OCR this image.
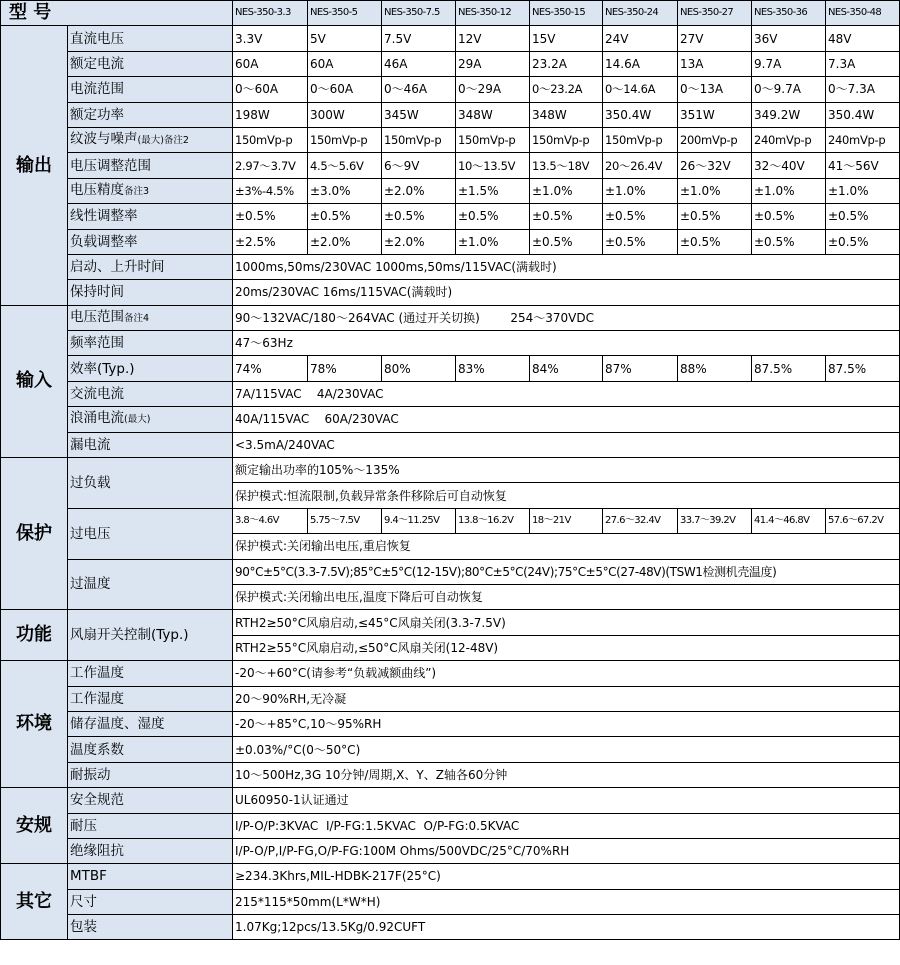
型 号		NES-350-3.3	NES-350-5	NES-350-7.5	NES-350-12	NES-350-15	NES-350-24	NES-350-27	NES-350-36	NES-350-48
输出	直流电压	3.3V	5V	7.5V	12V	15V	24V	27V	36V	48V
	额定电流	60A	60A	46A	29A	23.2A	14.6A	13A	9.7A	7.3A
	电流范围	0～60A	0～60A	0～46A	0～29A	0～23.2A	0～14.6A	0～13A	0～9.7A	0～7.3A
	额定功率	198W	300W	345W	348W	348W	350.4W	351W	349.2W	350.4W
	纹波与噪声(最大)备注2	150mVp-p	150mVp-p	150mVp-p	150mVp-p	150mVp-p	150mVp-p	200mVp-p	240mVp-p	240mVp-p
	电压调整范围	2.97～3.7V	4.5～5.6V	6～9V	10～13.5V	13.5～18V	20～26.4V	26～32V	32～40V	41～56V
	电压精度备注3	±3%-4.5%	±3.0%	±2.0%	±1.5%	±1.0%	±1.0%	±1.0%	±1.0%	±1.0%
	线性调整率	±0.5%	±0.5%	±0.5%	±0.5%	±0.5%	±0.5%	±0.5%	±0.5%	±0.5%
	负载调整率	±2.5%	±2.0%	±2.0%	±1.0%	±0.5%	±0.5%	±0.5%	±0.5%	±0.5%
	启动、上升时间	1000ms,50ms/230VAC 1000ms,50ms/115VAC(满载时)								
	保持时间	20ms/230VAC 16ms/115VAC(满载时)								
输入	电压范围备注4	90～132VAC/180～264VAC (通过开关切换)        254～370VDC								
	频率范围	47～63Hz								
	效率(Typ.)	74%	78%	80%	83%	84%	87%	88%	87.5%	87.5%
	交流电流	7A/115VAC    4A/230VAC								
	浪涌电流(最大)	40A/115VAC    60A/230VAC								
	漏电流	<3.5mA/240VAC								
保护	过负载	额定输出功率的105%～135%								
		保护模式:恒流限制,负载异常条件移除后可自动恢复								
	过电压	3.8～4.6V	5.75～7.5V	9.4～11.25V	13.8～16.2V	18～21V	27.6～32.4V	33.7～39.2V	41.4～46.8V	57.6～67.2V
		保护模式:关闭输出电压,重启恢复								
	过温度	90°C±5°C(3.3-7.5V);85°C±5°C(12-15V);80°C±5°C(24V);75°C±5°C(27-48V)(TSW1检测机壳温度)								
		保护模式:关闭输出电压,温度下降后可自动恢复								
功能	风扇开关控制(Typ.)	RTH2≥50°C风扇启动,≤45°C风扇关闭(3.3-7.5V)								
		RTH2≥55°C风扇启动,≤50°C风扇关闭(12-48V)								
环境	工作温度	-20～+60°C(请参考“负载减额曲线”)								
	工作湿度	20～90%RH,无冷凝								
	储存温度、湿度	-20～+85°C,10～95%RH								
	温度系数	±0.03%/°C(0～50°C)								
	耐振动	10～500Hz,3G 10分钟/周期,X、Y、Z轴各60分钟								
安规	安全规范	UL60950-1认证通过								
	耐压	I/P-O/P:3KVAC  I/P-FG:1.5KVAC  O/P-FG:0.5KVAC								
	绝缘阻抗	I/P-O/P,I/P-FG,O/P-FG:100M Ohms/500VDC/25°C/70%RH								
其它	MTBF	≥234.3Khrs,MIL-HDBK-217F(25°C)								
	尺寸	215*115*50mm(L*W*H)								
	包装	1.07Kg;12pcs/13.5Kg/0.92CUFT								
